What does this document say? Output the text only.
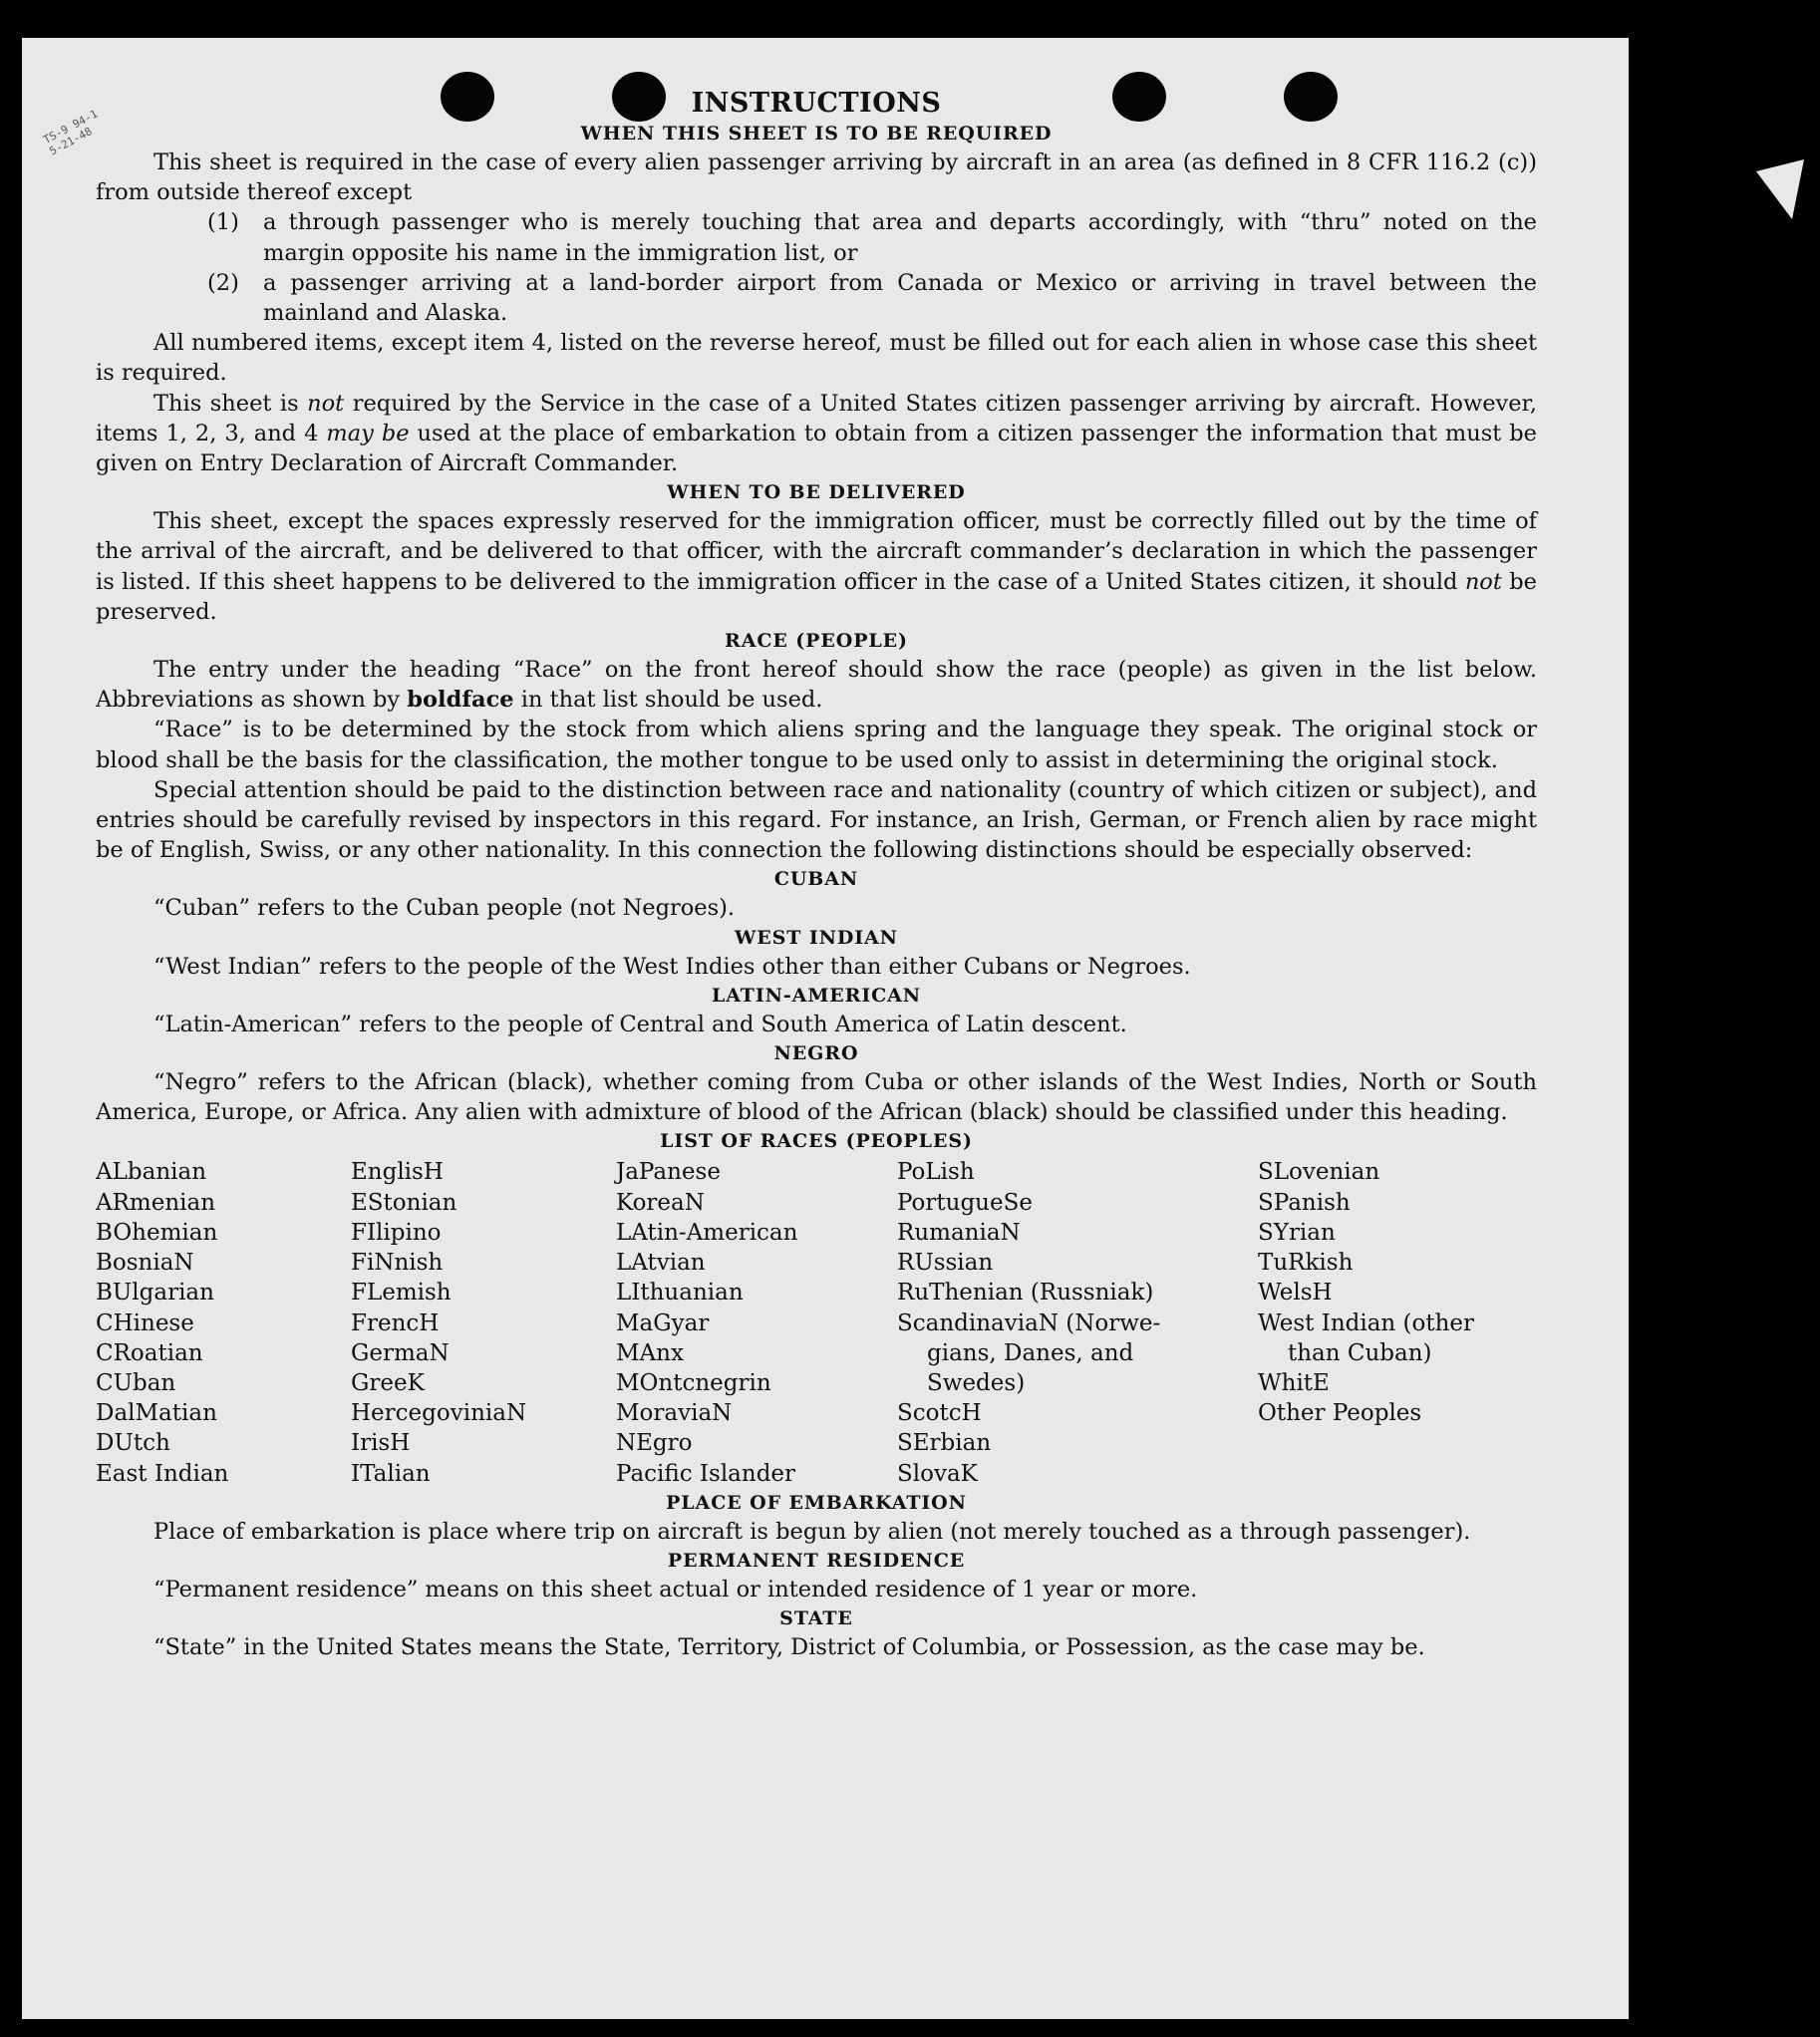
TS-9 94-1
5-21-48
INSTRUCTIONS
WHEN THIS SHEET IS TO BE REQUIRED
This sheet is required in the case of every alien passenger arriving by aircraft in an area (as defined in 8 CFR 116.2 (c)) from outside thereof except
(1)	a through passenger who is merely touching that area and departs accordingly, with “thru” noted on the margin opposite his name in the immigration list, or
(2)	a passenger arriving at a land-border airport from Canada or Mexico or arriving in travel between the mainland and Alaska.
All numbered items, except item 4, listed on the reverse hereof, must be filled out for each alien in whose case this sheet is required.
This sheet is not required by the Service in the case of a United States citizen passenger arriving by aircraft. However, items 1, 2, 3, and 4 may be used at the place of embarkation to obtain from a citizen passenger the information that must be given on Entry Declaration of Aircraft Commander.
WHEN TO BE DELIVERED
This sheet, except the spaces expressly reserved for the immigration officer, must be correctly filled out by the time of the arrival of the aircraft, and be delivered to that officer, with the aircraft commander’s declaration in which the passenger is listed. If this sheet happens to be delivered to the immigration officer in the case of a United States citizen, it should not be preserved.
RACE (PEOPLE)
The entry under the heading “Race” on the front hereof should show the race (people) as given in the list below. Abbreviations as shown by boldface in that list should be used.
“Race” is to be determined by the stock from which aliens spring and the language they speak. The original stock or blood shall be the basis for the classification, the mother tongue to be used only to assist in determining the original stock.
Special attention should be paid to the distinction between race and nationality (country of which citizen or subject), and entries should be carefully revised by inspectors in this regard. For instance, an Irish, German, or French alien by race might be of English, Swiss, or any other nationality. In this connection the following distinctions should be especially observed:
CUBAN
“Cuban” refers to the Cuban people (not Negroes).
WEST INDIAN
“West Indian” refers to the people of the West Indies other than either Cubans or Negroes.
LATIN-AMERICAN
“Latin-American” refers to the people of Central and South America of Latin descent.
NEGRO
“Negro” refers to the African (black), whether coming from Cuba or other islands of the West Indies, North or South America, Europe, or Africa. Any alien with admixture of blood of the African (black) should be classified under this heading.
LIST OF RACES (PEOPLES)
ALbanian
ARmenian
BOhemian
BosniaN
BUlgarian
CHinese
CRoatian
CUban
DalMatian
DUtch
East Indian
EnglisH
EStonian
FIlipino
FiNnish
FLemish
FrencH
GermaN
GreeK
HercegoviniaN
IrisH
ITalian
JaPanese
KoreaN
LAtin-American
LAtvian
LIthuanian
MaGyar
MAnx
MOntcnegrin
MoraviaN
NEgro
Pacific Islander
PoLish
PortugueSe
RumaniaN
RUssian
RuThenian (Russniak)
ScandinaviaN (Norwe-
gians, Danes, and
Swedes)
ScotcH
SErbian
SlovaK
SLovenian
SPanish
SYrian
TuRkish
WelsH
West Indian (other
than Cuban)
WhitE
Other Peoples
PLACE OF EMBARKATION
Place of embarkation is place where trip on aircraft is begun by alien (not merely touched as a through passenger).
PERMANENT RESIDENCE
“Permanent residence” means on this sheet actual or intended residence of 1 year or more.
STATE
“State” in the United States means the State, Territory, District of Columbia, or Possession, as the case may be.
